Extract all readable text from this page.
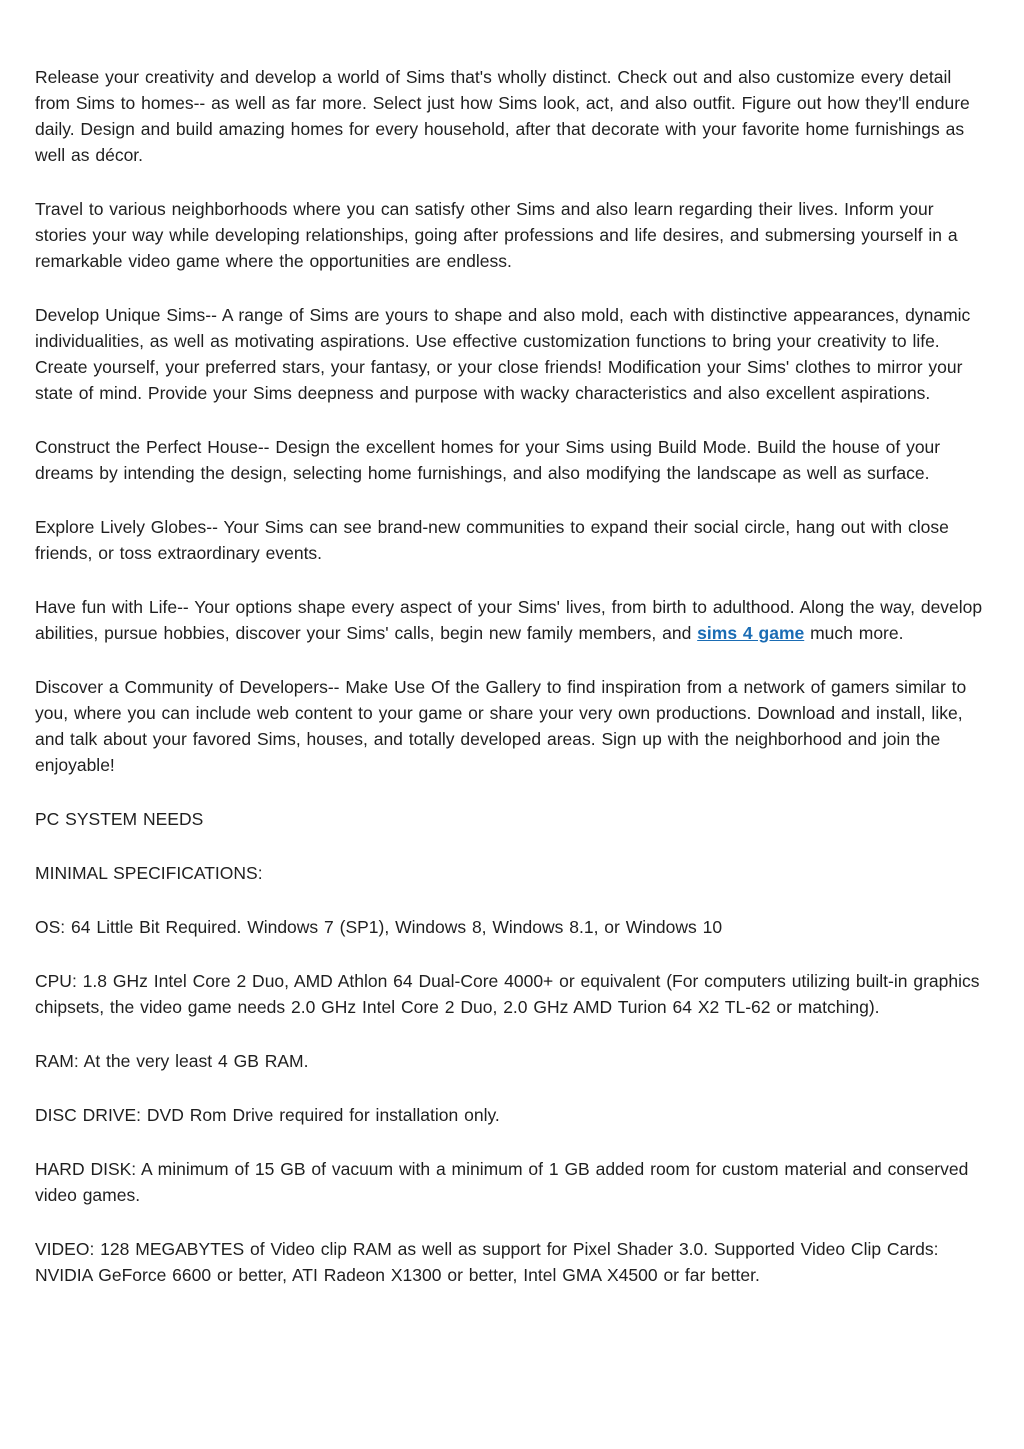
Release your creativity and develop a world of Sims that's wholly distinct. Check out and also customize every detail from Sims to homes-- as well as far more. Select just how Sims look, act, and also outfit. Figure out how they'll endure daily. Design and build amazing homes for every household, after that decorate with your favorite home furnishings as well as décor.

Travel to various neighborhoods where you can satisfy other Sims and also learn regarding their lives. Inform your stories your way while developing relationships, going after professions and life desires, and submersing yourself in a remarkable video game where the opportunities are endless.

Develop Unique Sims-- A range of Sims are yours to shape and also mold, each with distinctive appearances, dynamic individualities, as well as motivating aspirations. Use effective customization functions to bring your creativity to life. Create yourself, your preferred stars, your fantasy, or your close friends! Modification your Sims' clothes to mirror your state of mind. Provide your Sims deepness and purpose with wacky characteristics and also excellent aspirations.

Construct the Perfect House-- Design the excellent homes for your Sims using Build Mode. Build the house of your dreams by intending the design, selecting home furnishings, and also modifying the landscape as well as surface.

Explore Lively Globes-- Your Sims can see brand-new communities to expand their social circle, hang out with close friends, or toss extraordinary events.

Have fun with Life-- Your options shape every aspect of your Sims' lives, from birth to adulthood. Along the way, develop abilities, pursue hobbies, discover your Sims' calls, begin new family members, and sims 4 game much more.

Discover a Community of Developers-- Make Use Of the Gallery to find inspiration from a network of gamers similar to you, where you can include web content to your game or share your very own productions. Download and install, like, and talk about your favored Sims, houses, and totally developed areas. Sign up with the neighborhood and join the enjoyable!

PC SYSTEM NEEDS

MINIMAL SPECIFICATIONS:

OS: 64 Little Bit Required. Windows 7 (SP1), Windows 8, Windows 8.1, or Windows 10

CPU: 1.8 GHz Intel Core 2 Duo, AMD Athlon 64 Dual-Core 4000+ or equivalent (For computers utilizing built-in graphics chipsets, the video game needs 2.0 GHz Intel Core 2 Duo, 2.0 GHz AMD Turion 64 X2 TL-62 or matching).

RAM: At the very least 4 GB RAM.

DISC DRIVE: DVD Rom Drive required for installation only.

HARD DISK: A minimum of 15 GB of vacuum with a minimum of 1 GB added room for custom material and conserved video games.

VIDEO: 128 MEGABYTES of Video clip RAM as well as support for Pixel Shader 3.0. Supported Video Clip Cards: NVIDIA GeForce 6600 or better, ATI Radeon X1300 or better, Intel GMA X4500 or far better.
